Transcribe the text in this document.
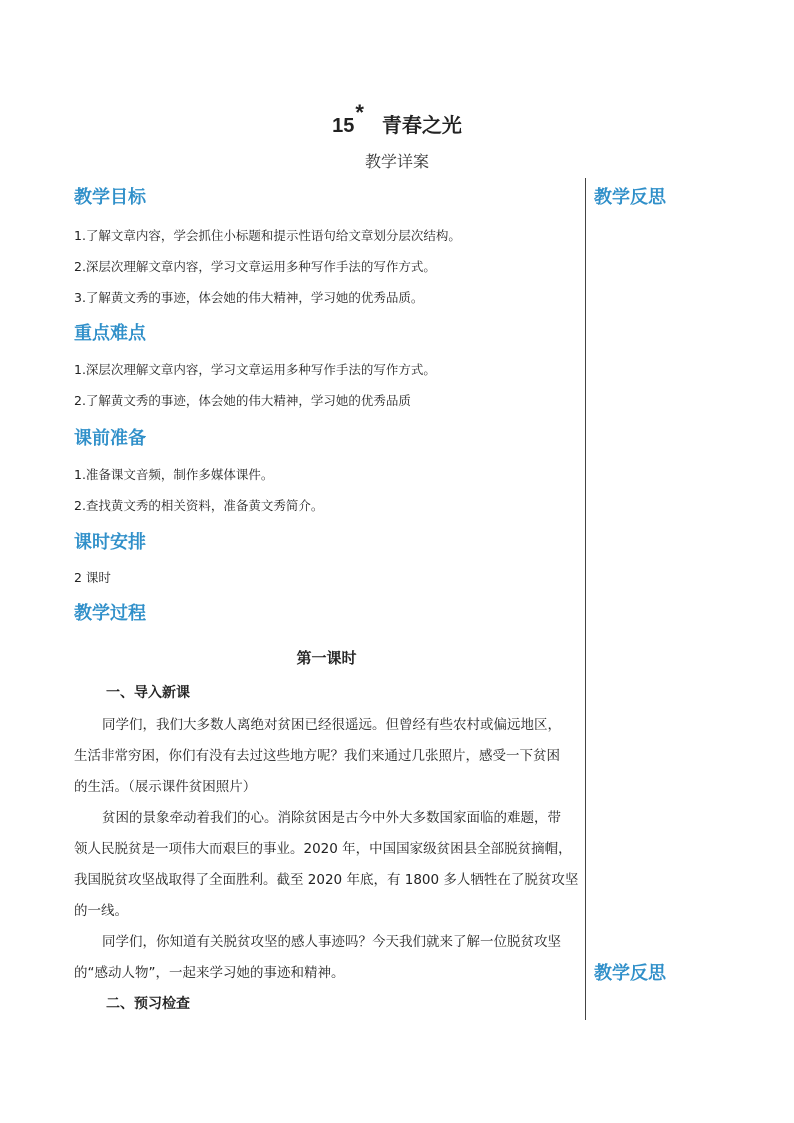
15
* 青春之光
教学详案
教学反思
教学反思
教学目标
1.了解文章内容，学会抓住小标题和提示性语句给文章划分层次结构。
2.深层次理解文章内容，学习文章运用多种写作手法的写作方式。
3.了解黄文秀的事迹，体会她的伟大精神，学习她的优秀品质。
重点难点
1.深层次理解文章内容，学习文章运用多种写作手法的写作方式。
2.了解黄文秀的事迹，体会她的伟大精神，学习她的优秀品质
课前准备
1.准备课文音频，制作多媒体课件。
2.查找黄文秀的相关资料，准备黄文秀简介。
课时安排
2 课时
教学过程
第一课时
一、导入新课
同学们，我们大多数人离绝对贫困已经很遥远。但曾经有些农村或偏远地区，
生活非常穷困，你们有没有去过这些地方呢？我们来通过几张照片，感受一下贫困
的生活。（展示课件贫困照片）
贫困的景象牵动着我们的心。消除贫困是古今中外大多数国家面临的难题，带
领人民脱贫是一项伟大而艰巨的事业。2020 年，中国国家级贫困县全部脱贫摘帽，
我国脱贫攻坚战取得了全面胜利。截至 2020 年底，有 1800 多人牺牲在了脱贫攻坚
的一线。
同学们，你知道有关脱贫攻坚的感人事迹吗？今天我们就来了解一位脱贫攻坚
的“感动人物”，一起来学习她的事迹和精神。
二、预习检查
